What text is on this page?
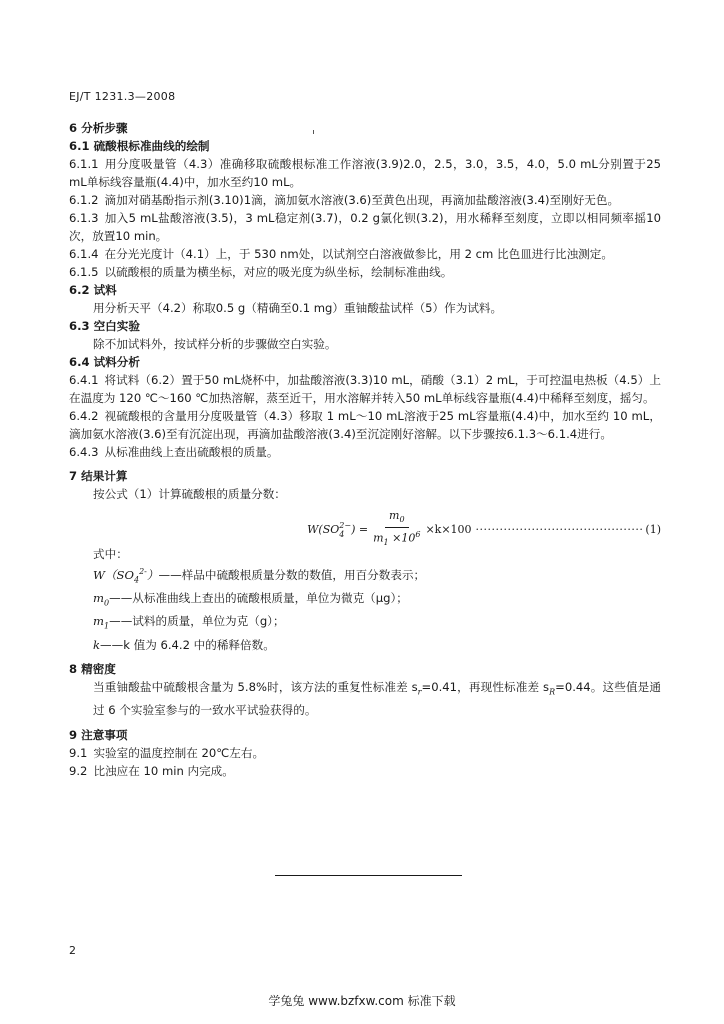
EJ/T 1231.3—2008
6 分析步骤
6.1 硫酸根标准曲线的绘制
6.1.1 用分度吸量管（4.3）准确移取硫酸根标准工作溶液(3.9)2.0，2.5，3.0，3.5，4.0，5.0 mL分别置于25 mL单标线容量瓶(4.4)中，加水至约10 mL。
6.1.2 滴加对硝基酚指示剂(3.10)1滴，滴加氨水溶液(3.6)至黄色出现，再滴加盐酸溶液(3.4)至刚好无色。
6.1.3 加入5 mL盐酸溶液(3.5)，3 mL稳定剂(3.7)，0.2 g氯化钡(3.2)，用水稀释至刻度，立即以相同频率摇10次，放置10 min。
6.1.4 在分光光度计（4.1）上，于 530 nm处，以试剂空白溶液做参比，用 2 cm 比色皿进行比浊测定。
6.1.5 以硫酸根的质量为横坐标，对应的吸光度为纵坐标，绘制标准曲线。
6.2 试料
用分析天平（4.2）称取0.5 g（精确至0.1 mg）重铀酸盐试样（5）作为试料。
6.3 空白实验
除不加试料外，按试样分析的步骤做空白实验。
6.4 试料分析
6.4.1 将试料（6.2）置于50 mL烧杯中，加盐酸溶液(3.3)10 mL，硝酸（3.1）2 mL，于可控温电热板（4.5）上在温度为 120 ℃～160 ℃加热溶解，蒸至近干，用水溶解并转入50 mL单标线容量瓶(4.4)中稀释至刻度，摇匀。
6.4.2 视硫酸根的含量用分度吸量管（4.3）移取 1 mL～10 mL溶液于25 mL容量瓶(4.4)中，加水至约 10 mL，滴加氨水溶液(3.6)至有沉淀出现，再滴加盐酸溶液(3.4)至沉淀刚好溶解。以下步骤按6.1.3～6.1.4进行。
6.4.3 从标准曲线上查出硫酸根的质量。
7 结果计算
按公式（1）计算硫酸根的质量分数：
W(SO 2−
4 ) = $\frac{m_0}{m_1 \times 10^6} \times k\times 100$ ·········································· (1)
式中：
$W(SO_4^{2-})——$样品中硫酸根质量分数的数值，用百分数表示；
$m_0——$从标准曲线上查出的硫酸根质量，单位为微克（μg）；
$m_1——$试料的质量，单位为克（g）；
k——k 值为 6.4.2 中的稀释倍数。
8 精密度
当重铀酸盐中硫酸根含量为 5.8%时，该方法的重复性标准差 $s_r=0.41$，再现性标准差 $s_R=0.44$。这些值是通过 6 个实验室参与的一致水平试验获得的。
9 注意事项
9.1 实验室的温度控制在 20℃左右。
9.2 比浊应在 10 min 内完成。
2
学兔兔 www.bzfxw.com 标准下载
